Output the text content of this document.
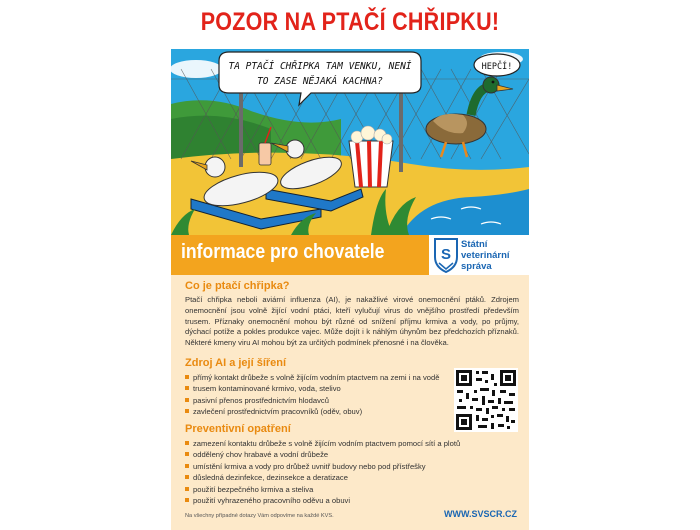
POZOR NA PTAČÍ CHŘIPKU!
TA PTAČÍ CHŘIPKA TAM VENKU, NENÍ
TO ZASE NĚJAKÁ KACHNA?
HEPČÍ!
informace pro chovatele	S
Státní
veterinární
správa
Co je ptačí chřipka?
Ptačí chřipka neboli aviární influenza (AI), je nakažlivé virové onemocnění ptáků. Zdrojem onemocnění jsou volně žijící vodní ptáci, kteří vylučují virus do vnějšího prostředí především trusem. Příznaky onemocnění mohou být různé od snížení příjmu krmiva a vody, po průjmy, dýchací potíže a pokles produkce vajec. Může dojít i k náhlým úhynům bez předchozích příznaků. Některé kmeny viru AI mohou být za určitých podmínek přenosné i na člověka.
Zdroj AI a její šíření
přímý kontakt drůbeže s volně žijícím vodním ptactvem na zemi i na vodě
trusem kontaminované krmivo, voda, stelivo
pasivní přenos prostřednictvím hlodavců
zavlečení prostřednictvím pracovníků (oděv, obuv)
Preventivní opatření
zamezení kontaktu drůbeže s volně žijícím vodním ptactvem pomocí sítí a plotů
oddělený chov hrabavé a vodní drůbeže
umístění krmiva a vody pro drůbež uvnitř budovy nebo pod přístřešky
důsledná dezinfekce, dezinsekce a deratizace
použití bezpečného krmiva a steliva
použití vyhrazeného pracovního oděvu a obuvi
Na všechny případné dotazy Vám odpovíme na každé KVS.	WWW.SVSCR.CZ
